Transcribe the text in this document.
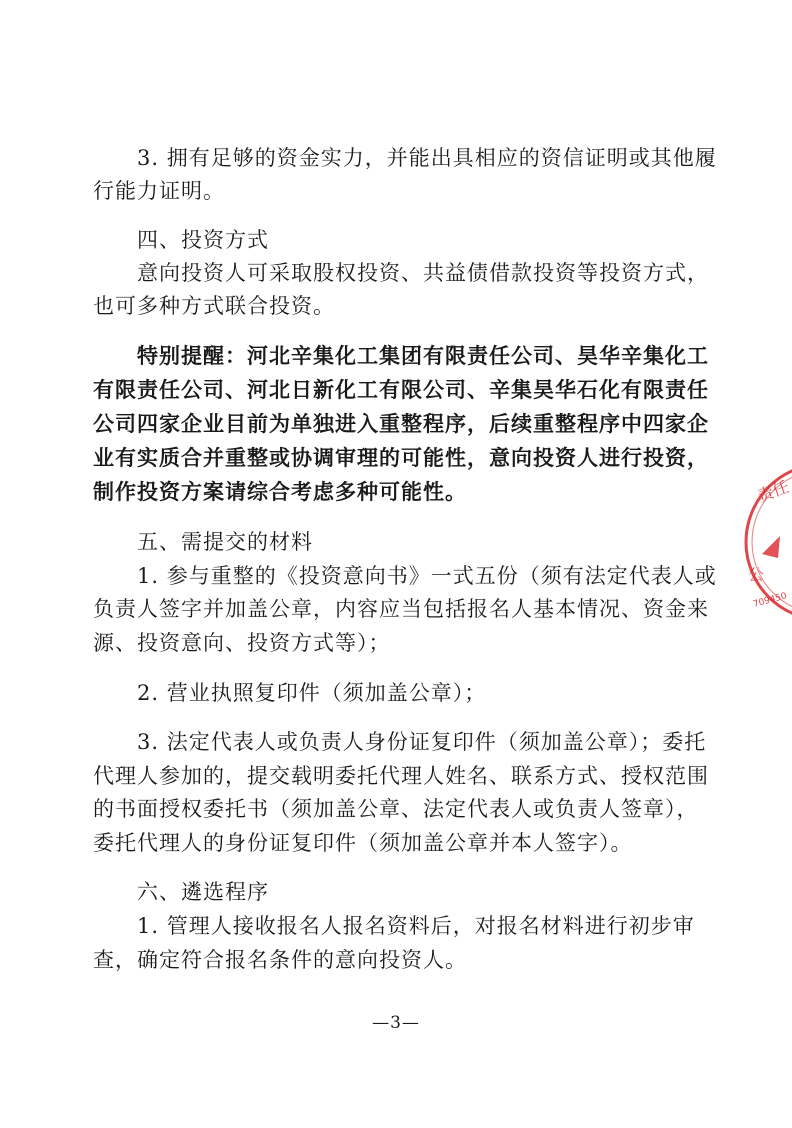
3. 拥有足够的资金实力，并能出具相应的资信证明或其他履
行能力证明。
四、投资方式
意向投资人可采取股权投资、共益债借款投资等投资方式，
也可多种方式联合投资。
特别提醒：河北辛集化工集团有限责任公司、昊华辛集化工
有限责任公司、河北日新化工有限公司、辛集昊华石化有限责任
公司四家企业目前为单独进入重整程序，后续重整程序中四家企
业有实质合并重整或协调审理的可能性，意向投资人进行投资，
制作投资方案请综合考虑多种可能性。
五、需提交的材料
1. 参与重整的《投资意向书》一式五份（须有法定代表人或
负责人签字并加盖公章，内容应当包括报名人基本情况、资金来
源、投资意向、投资方式等）；
2. 营业执照复印件（须加盖公章）；
3. 法定代表人或负责人身份证复印件（须加盖公章）；委托
代理人参加的，提交载明委托代理人姓名、联系方式、授权范围
的书面授权委托书（须加盖公章、法定代表人或负责人签章），
委托代理人的身份证复印件（须加盖公章并本人签字）。
六、遴选程序
1. 管理人接收报名人报名资料后，对报名材料进行初步审
查，确定符合报名条件的意向投资人。
—3—
责任
公
709450
